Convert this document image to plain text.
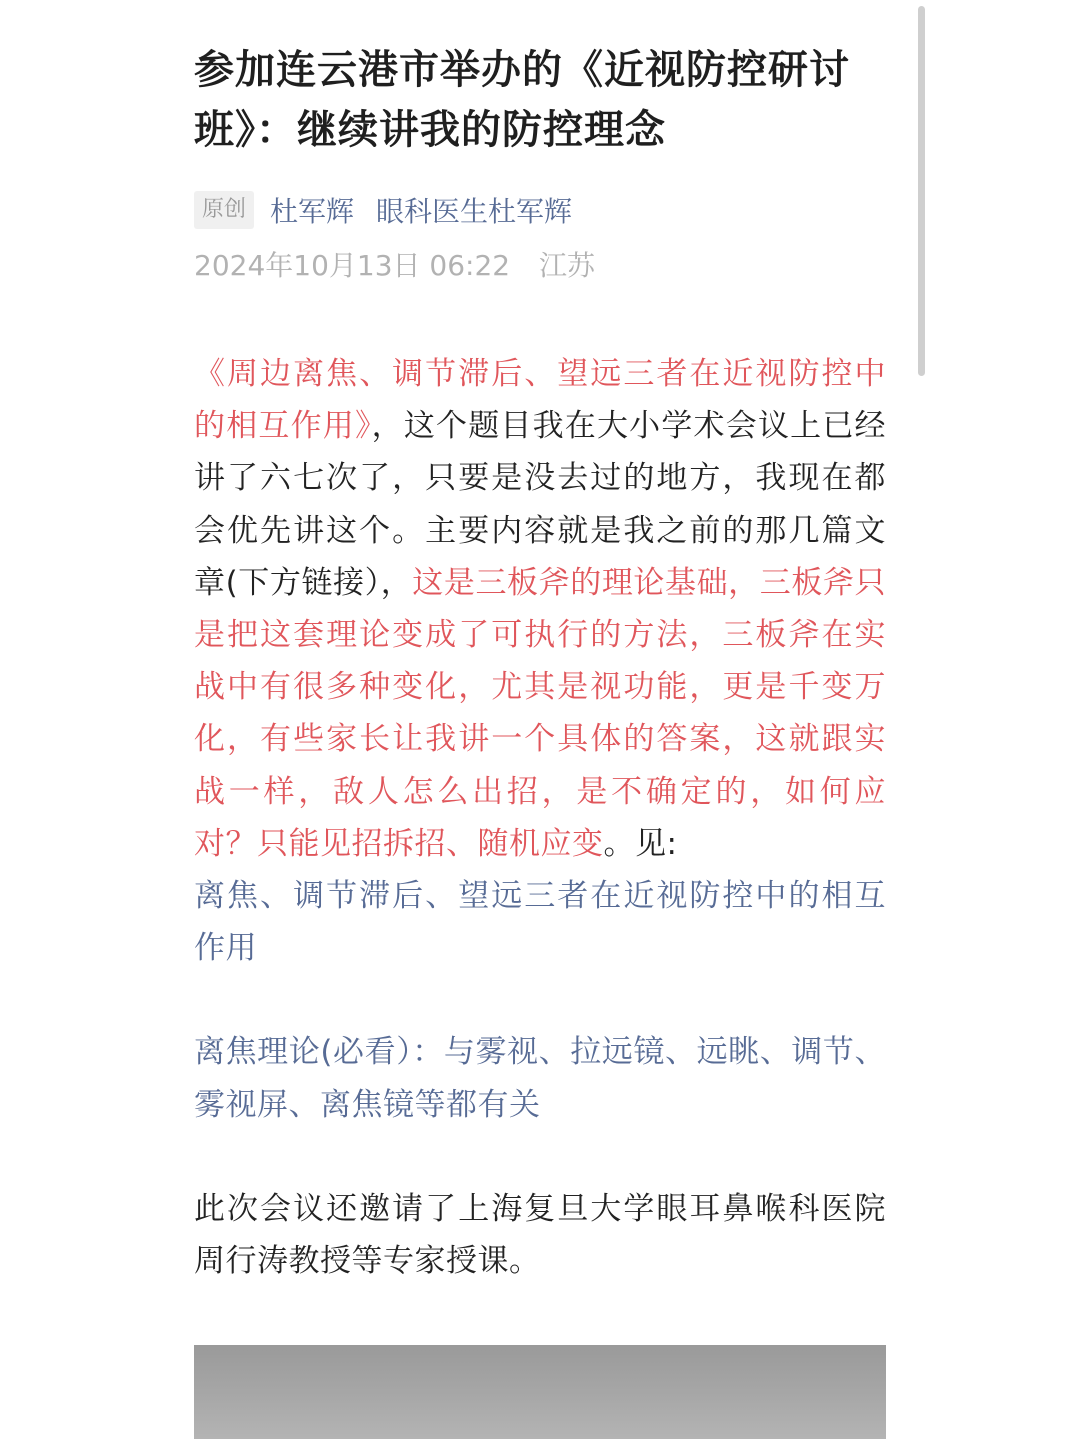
参加连云港市举办的《近视防控研讨班》：继续讲我的防控理念
原创 杜军辉 眼科医生杜军辉
2024年10月13日 06:22 江苏

《周边离焦、调节滞后、望远三者在近视防控中的相互作用》，这个题目我在大小学术会议上已经讲了六七次了，只要是没去过的地方，我现在都会优先讲这个。主要内容就是我之前的那几篇文章(下方链接），这是三板斧的理论基础，三板斧只是把这套理论变成了可执行的方法，三板斧在实战中有很多种变化，尤其是视功能，更是千变万化，有些家长让我讲一个具体的答案，这就跟实战一样，敌人怎么出招，是不确定的，如何应对？只能见招拆招、随机应变。见:

离焦、调节滞后、望远三者在近视防控中的相互作用

离焦理论(必看）：与雾视、拉远镜、远眺、调节、雾视屏、离焦镜等都有关

此次会议还邀请了上海复旦大学眼耳鼻喉科医院周行涛教授等专家授课。
